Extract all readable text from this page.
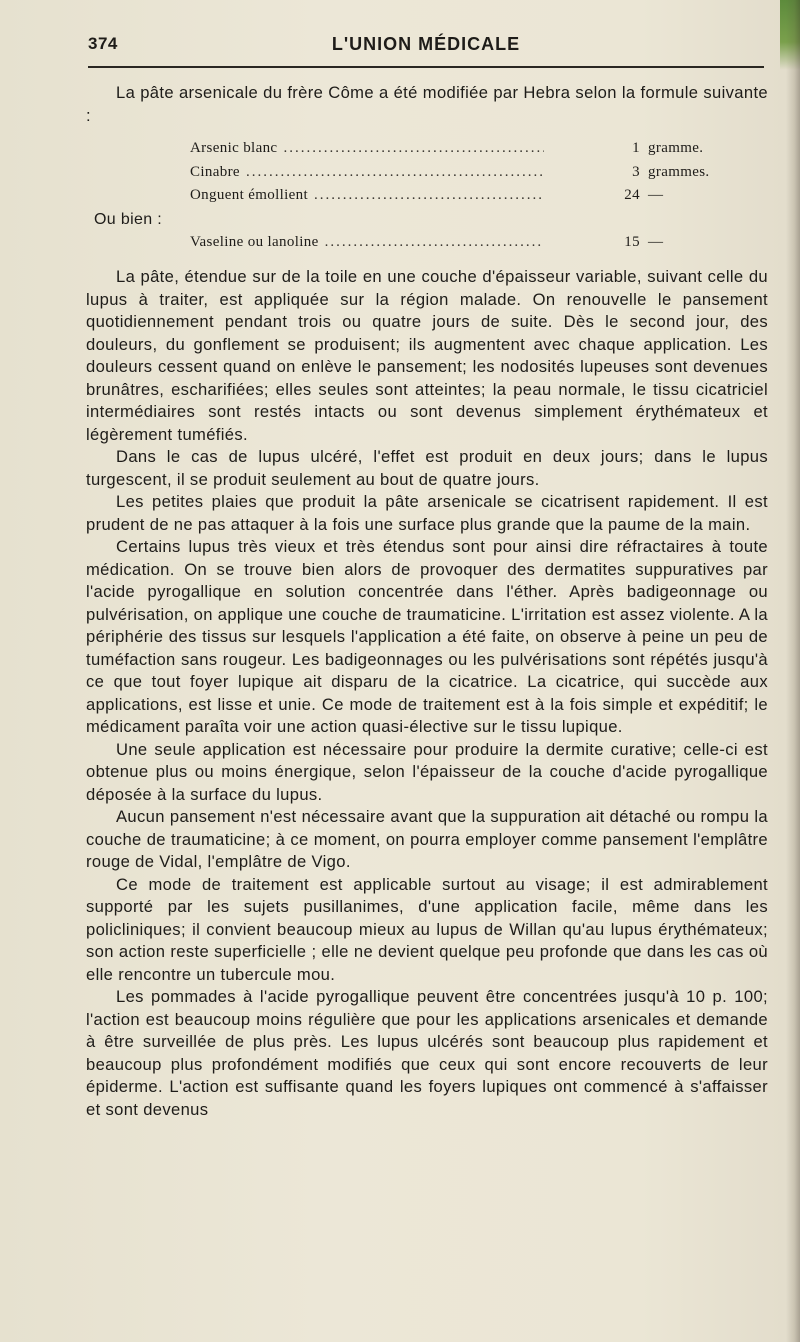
374	L'UNION MÉDICALE

La pâte arsenicale du frère Côme a été modifiée par Hebra selon la formule suivante :

Arsenic blanc .....	1 gramme.
Cinabre .....	3 grammes.
Onguent émollient .....	24 —
Ou bien :
Vaseline ou lanoline .....	15 —

La pâte, étendue sur de la toile en une couche d'épaisseur variable, suivant celle du lupus à traiter, est appliquée sur la région malade. On renouvelle le pansement quotidiennement pendant trois ou quatre jours de suite. Dès le second jour, des douleurs, du gonflement se produisent; ils augmentent avec chaque application. Les douleurs cessent quand on enlève le pansement; les nodosités lupeuses sont devenues brunâtres, escharifiées; elles seules sont atteintes; la peau normale, le tissu cicatriciel intermédiaires sont restés intacts ou sont devenus simplement érythémateux et légèrement tuméfiés.

Dans le cas de lupus ulcéré, l'effet est produit en deux jours; dans le lupus turgescent, il se produit seulement au bout de quatre jours.

Les petites plaies que produit la pâte arsenicale se cicatrisent rapidement. Il est prudent de ne pas attaquer à la fois une surface plus grande que la paume de la main.

Certains lupus très vieux et très étendus sont pour ainsi dire réfractaires à toute médication. On se trouve bien alors de provoquer des dermatites suppuratives par l'acide pyrogallique en solution concentrée dans l'éther. Après badigeonnage ou pulvérisation, on applique une couche de traumaticine. L'irritation est assez violente. A la périphérie des tissus sur lesquels l'application a été faite, on observe à peine un peu de tuméfaction sans rougeur. Les badigeonnages ou les pulvérisations sont répétés jusqu'à ce que tout foyer lupique ait disparu de la cicatrice. La cicatrice, qui succède aux applications, est lisse et unie. Ce mode de traitement est à la fois simple et expéditif; le médicament paraîta voir une action quasi-élective sur le tissu lupique.

Une seule application est nécessaire pour produire la dermite curative; celle-ci est obtenue plus ou moins énergique, selon l'épaisseur de la couche d'acide pyrogallique déposée à la surface du lupus.

Aucun pansement n'est nécessaire avant que la suppuration ait détaché ou rompu la couche de traumaticine; à ce moment, on pourra employer comme pansement l'emplâtre rouge de Vidal, l'emplâtre de Vigo.

Ce mode de traitement est applicable surtout au visage; il est admirablement supporté par les sujets pusillanimes, d'une application facile, même dans les policliniques; il convient beaucoup mieux au lupus de Willan qu'au lupus érythémateux; son action reste superficielle ; elle ne devient quelque peu profonde que dans les cas où elle rencontre un tubercule mou.

Les pommades à l'acide pyrogallique peuvent être concentrées jusqu'à 10 p. 100; l'action est beaucoup moins régulière que pour les applications arsenicales et demande à être surveillée de plus près. Les lupus ulcérés sont beaucoup plus rapidement et beaucoup plus profondément modifiés que ceux qui sont encore recouverts de leur épiderme. L'action est suffisante quand les foyers lupiques ont commencé à s'affaisser et sont devenus
